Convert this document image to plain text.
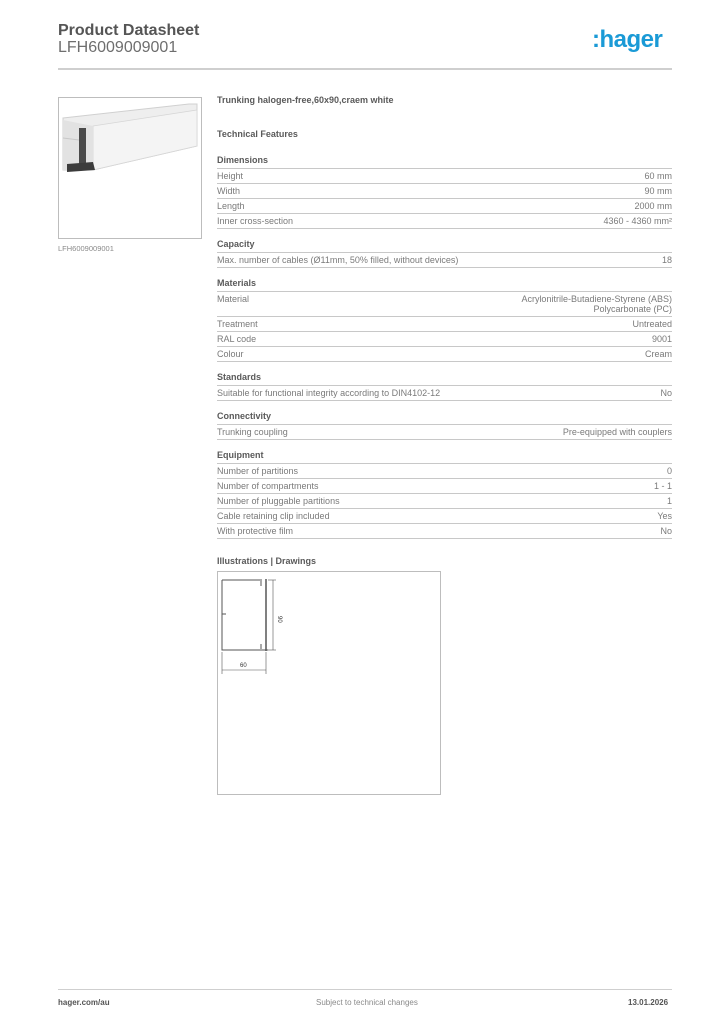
Product Datasheet
LFH6009009001	:hager
LFH6009009001
Trunking halogen-free,60x90,craem white
Technical Features
Dimensions
Height	60 mm
Width	90 mm
Length	2000 mm
Inner cross-section	4360 - 4360 mm²
Capacity
Max. number of cables (Ø11mm, 50% filled, without devices)	18
Materials
Material	Acrylonitrile-Butadiene-Styrene (ABS)
Polycarbonate (PC)
Treatment	Untreated
RAL code	9001
Colour	Cream
Standards
Suitable for functional integrity according to DIN4102-12	No
Connectivity
Trunking coupling	Pre-equipped with couplers
Equipment
Number of partitions	0
Number of compartments	1 - 1
Number of pluggable partitions	1
Cable retaining clip included	Yes
With protective film	No
Illustrations | Drawings
90
60
hager.com/au	Subject to technical changes	13.01.2026
